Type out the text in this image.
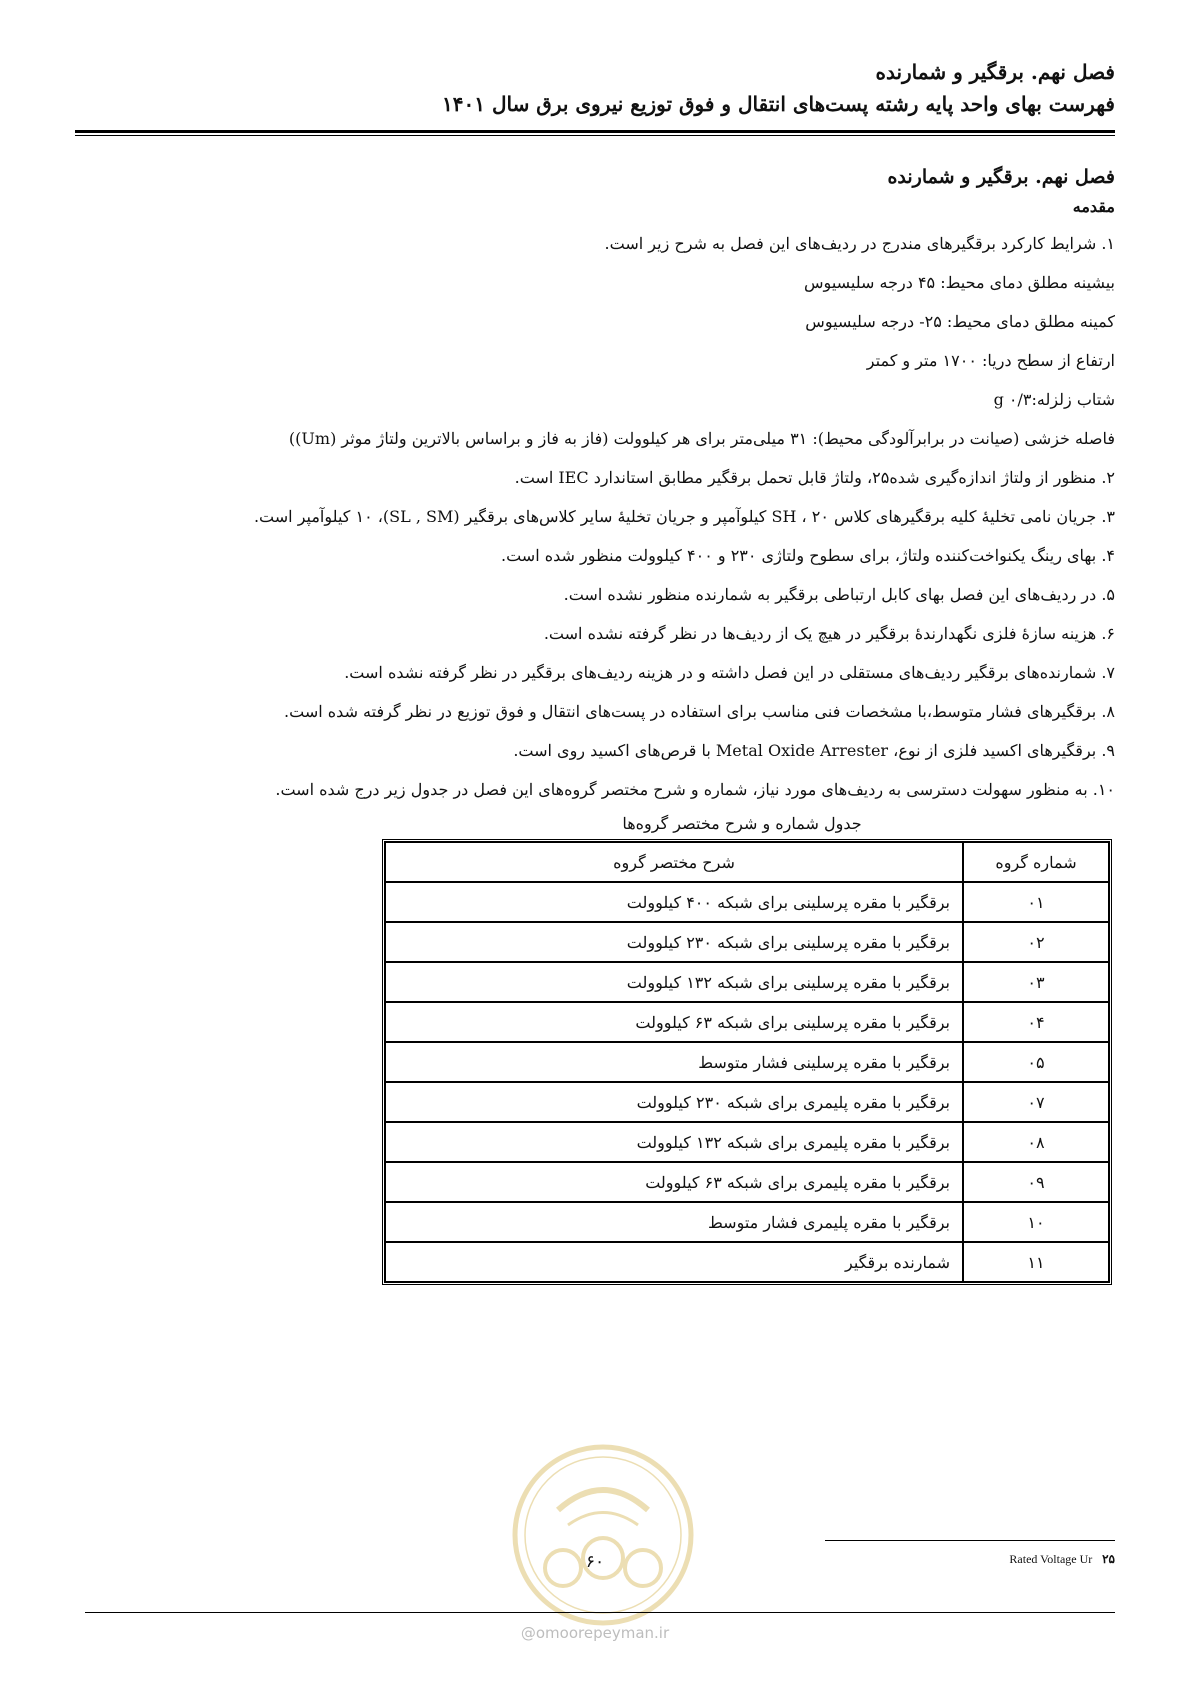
فصل نهم. برقگیر و شمارنده
فهرست بهای واحد پایه رشته پست‌های انتقال و فوق توزیع نیروی برق سال ۱۴۰۱
فصل نهم. برقگیر و شمارنده
مقدمه
۱. شرایط کارکرد برقگیرهای مندرج در ردیف‌های این فصل به شرح زیر است.
بیشینه مطلق دمای محیط: ۴۵ درجه سلیسیوس
کمینه مطلق دمای محیط: ۲۵- درجه سلیسیوس
ارتفاع از سطح دریا: ۱۷۰۰ متر و کمتر
شتاب زلزله:g ۰/۳
فاصله خزشی (صیانت در برابرآلودگی محیط): ۳۱ میلی‌متر برای هر کیلوولت (فاز به فاز و براساس بالاترین ولتاژ موثر (Um))
۲. منظور از ولتاژ اندازه‌گیری شده۲۵، ولتاژ قابل تحمل برقگیر مطابق استاندارد IEC است.
۳. جریان نامی تخلیهٔ کلیه برقگیرهای کلاس SH ، ۲۰ کیلوآمپر و جریان تخلیهٔ سایر کلاس‌های برقگیر (SL , SM)، ۱۰ کیلوآمپر است.
۴. بهای رینگ یکنواخت‌کننده ولتاژ، برای سطوح ولتاژی ۲۳۰ و ۴۰۰ کیلوولت منظور شده است.
۵. در ردیف‌های این فصل بهای کابل ارتباطی برقگیر به شمارنده منظور نشده است.
۶. هزینه سازهٔ فلزی نگهدارندهٔ برقگیر در هیچ یک از ردیف‌ها در نظر گرفته نشده است.
۷. شمارنده‌های برقگیر ردیف‌های مستقلی در این فصل داشته و در هزینه ردیف‌های برقگیر در نظر گرفته نشده است.
۸. برقگیرهای فشار متوسط،با مشخصات فنی مناسب برای استفاده در پست‌های انتقال و فوق توزیع در نظر گرفته شده است.
۹. برقگیرهای اکسید فلزی از نوع، Metal Oxide Arrester با قرص‌های اکسید روی است.
۱۰. به منظور سهولت دسترسی به ردیف‌های مورد نیاز، شماره و شرح مختصر گروه‌های این فصل در جدول زیر درج شده است.
جدول شماره و شرح مختصر گروه‌ها
شماره گروه	شرح مختصر گروه
۰۱	برقگیر با مقره پرسلینی برای شبکه ۴۰۰ کیلوولت
۰۲	برقگیر با مقره پرسلینی برای شبکه ۲۳۰ کیلوولت
۰۳	برقگیر با مقره پرسلینی برای شبکه ۱۳۲ کیلوولت
۰۴	برقگیر با مقره پرسلینی برای شبکه ۶۳ کیلوولت
۰۵	برقگیر با مقره پرسلینی فشار متوسط
۰۷	برقگیر با مقره پلیمری برای شبکه ۲۳۰ کیلوولت
۰۸	برقگیر با مقره پلیمری برای شبکه ۱۳۲ کیلوولت
۰۹	برقگیر با مقره پلیمری برای شبکه ۶۳ کیلوولت
۱۰	برقگیر با مقره پلیمری فشار متوسط
۱۱	شمارنده برقگیر
۲۵ Rated Voltage Ur
۶۰
@omoorepeyman.ir
